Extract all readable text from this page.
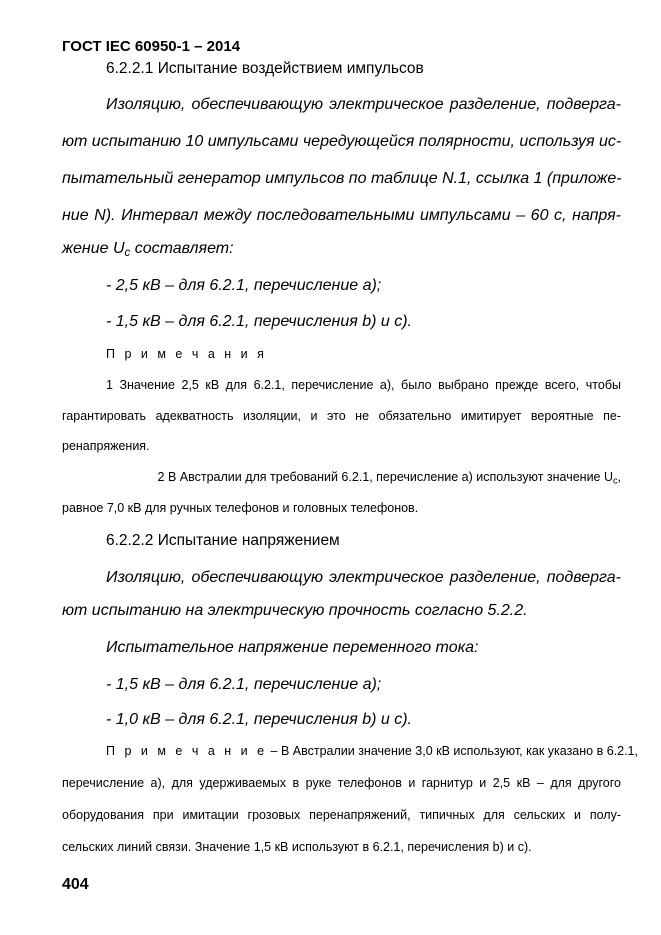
ГОСТ IEC 60950-1 – 2014
6.2.2.1 Испытание воздействием импульсов
Изоляцию, обеспечивающую электрическое разделение, подверга-
ют испытанию 10 импульсами чередующейся полярности, используя ис-
пытательный генератор импульсов по таблице N.1, ссылка 1 (приложе-
ние N). Интервал между последовательными импульсами – 60 с, напря-
жение $U_c$ составляет:
- 2,5 кВ – для 6.2.1, перечисление а);
- 1,5 кВ – для 6.2.1, перечисления b) и с).
П р и м е ч а н и я
1 Значение 2,5 кВ для 6.2.1, перечисление а), было выбрано прежде всего, чтобы
гарантировать адекватность изоляции, и это не обязательно имитирует вероятные пе-
ренапряжения.
2 В Австралии для требований 6.2.1, перечисление а) используют значение $U_c$,
равное 7,0 кВ для ручных телефонов и головных телефонов.
6.2.2.2 Испытание напряжением
Изоляцию, обеспечивающую электрическое разделение, подверга-
ют испытанию на электрическую прочность согласно 5.2.2.
Испытательное напряжение переменного тока:
- 1,5 кВ – для 6.2.1, перечисление а);
- 1,0 кВ – для 6.2.1, перечисления b) и с).
П р и м е ч а н и е – В Австралии значение 3,0 кВ используют, как указано в 6.2.1,
перечисление а), для удерживаемых в руке телефонов и гарнитур и 2,5 кВ – для другого
оборудования при имитации грозовых перенапряжений, типичных для сельских и полу-
сельских линий связи. Значение 1,5 кВ используют в 6.2.1, перечисления b) и с).
404
